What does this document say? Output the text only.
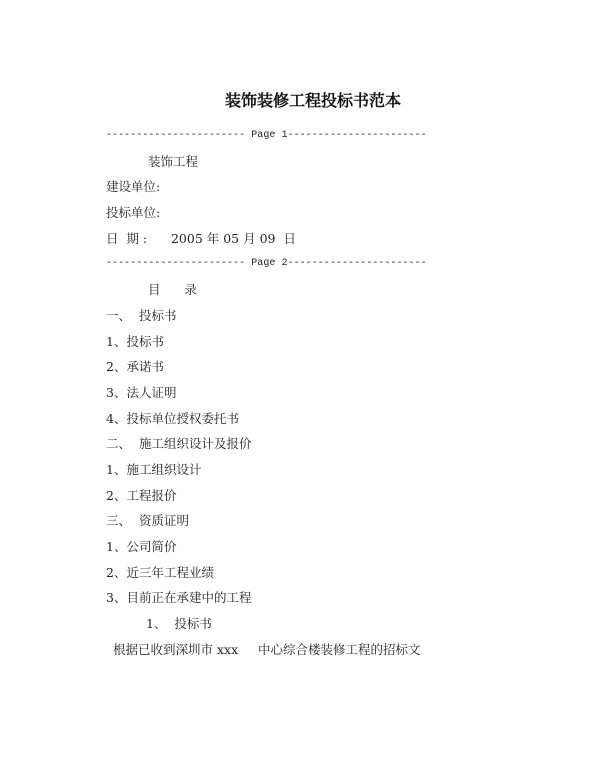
装饰装修工程投标书范本
----------------------- Page 1-----------------------
装饰工程
建设单位:
投标单位:
日  期 :      2005 年 05 月 09  日
----------------------- Page 2-----------------------
目      录
一、  投标书
1、投标书
2、承诺书
3、法人证明
4、投标单位授权委托书
二、  施工组织设计及报价
1、施工组织设计
2、工程报价
三、  资质证明
1、公司简价
2、近三年工程业绩
3、目前正在承建中的工程
1、  投标书
根据已收到深圳市 xxx     中心综合楼装修工程的招标文
